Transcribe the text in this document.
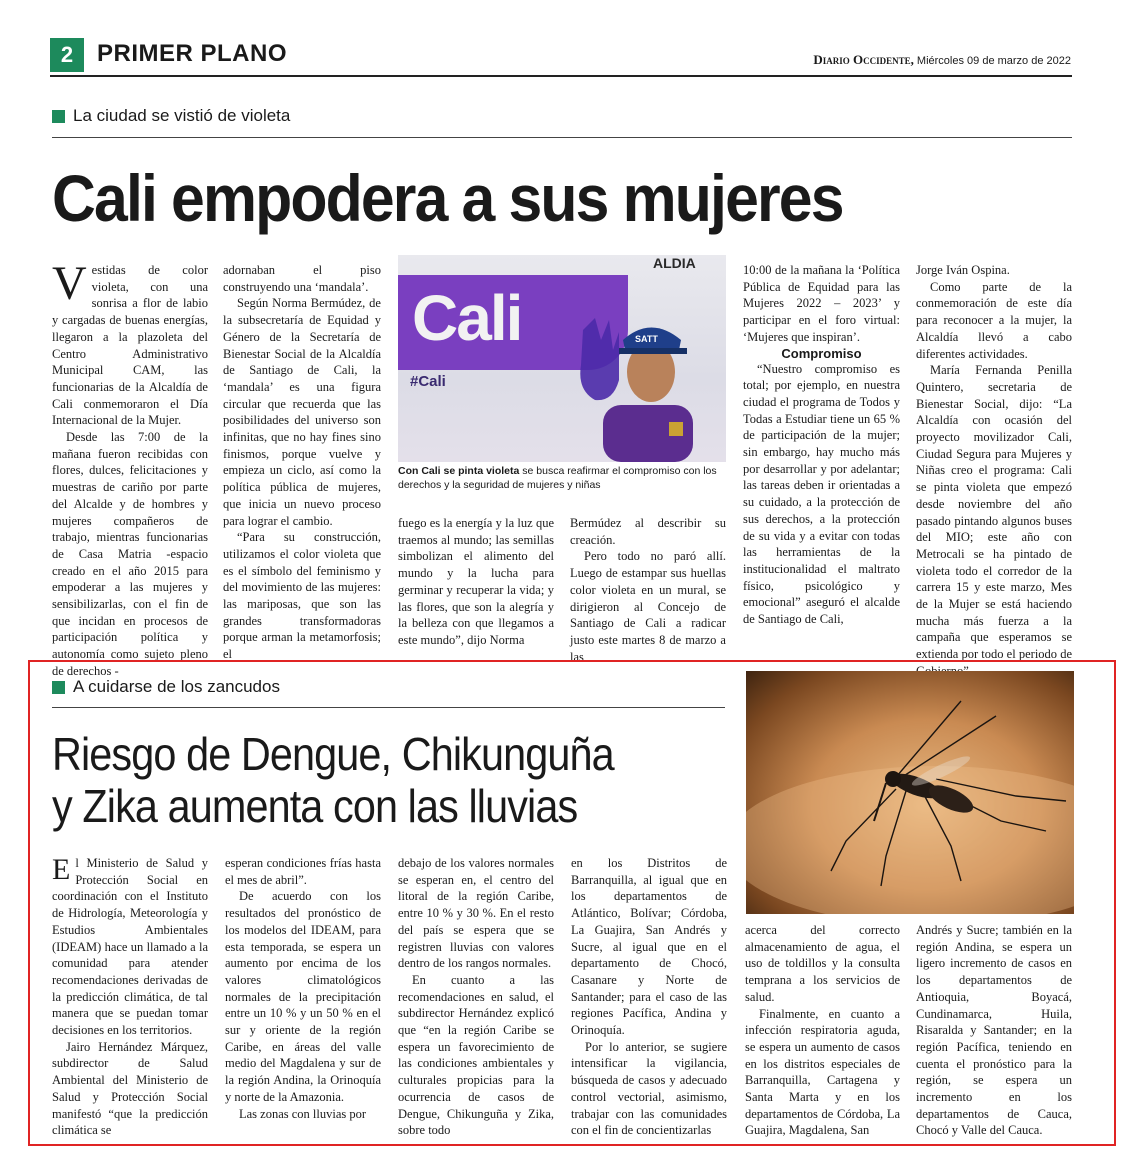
2 PRIMER PLANO	Diario Occidente, Miércoles 09 de marzo de 2022
La ciudad se vistió de violeta
Cali empodera a sus mujeres

Vestidas de color violeta, con una sonrisa a flor de labio y cargadas de buenas energías, llegaron a la plazoleta del Centro Administrativo Municipal CAM, las funcionarias de la Alcaldía de Cali conmemoraron el Día Internacional de la Mujer.

Desde las 7:00 de la mañana fueron recibidas con flores, dulces, felicitaciones y muestras de cariño por parte del Alcalde y de hombres y mujeres compañeros de trabajo, mientras funcionarias de Casa Matria -espacio creado en el año 2015 para empoderar a las mujeres y sensibilizarlas, con el fin de que incidan en procesos de participación política y autonomía como sujeto pleno de derechos -

adornaban el piso construyendo una ‘mandala’.

Según Norma Bermúdez, de la subsecretaría de Equidad y Género de la Secretaría de Bienestar Social de la Alcaldía de Santiago de Cali, la ‘mandala’ es una figura circular que recuerda que las posibilidades del universo son infinitas, que no hay fines sino finismos, porque vuelve y empieza un ciclo, así como la política pública de mujeres, que inicia un nuevo proceso para lograr el cambio.

“Para su construcción, utilizamos el color violeta que es el símbolo del feminismo y del movimiento de las mujeres: las mariposas, que son las grandes transformadoras porque arman la metamorfosis; el

Cali
#Cali
ALDIA
SATT
Con Cali se pinta violeta se busca reafirmar el compromiso con los derechos y la seguridad de mujeres y niñas

fuego es la energía y la luz que traemos al mundo; las semillas simbolizan el alimento del mundo y la lucha para germinar y recuperar la vida; y las flores, que son la alegría y la belleza con que llegamos a este mundo”, dijo Norma

Bermúdez al describir su creación.

Pero todo no paró allí. Luego de estampar sus huellas color violeta en un mural, se dirigieron al Concejo de Santiago de Cali a radicar justo este martes 8 de marzo a las

10:00 de la mañana la ‘Política Pública de Equidad para las Mujeres 2022 – 2023’ y participar en el foro virtual: ‘Mujeres que inspiran’.

Compromiso

“Nuestro compromiso es total; por ejemplo, en nuestra ciudad el programa de Todos y Todas a Estudiar tiene un 65 % de participación de la mujer; sin embargo, hay mucho más por desarrollar y por adelantar; las tareas deben ir orientadas a su cuidado, a la protección de sus derechos, a la protección de su vida y a evitar con todas las herramientas de la institucionalidad el maltrato físico, psicológico y emocional” aseguró el alcalde de Santiago de Cali,

Jorge Iván Ospina.

Como parte de la conmemoración de este día para reconocer a la mujer, la Alcaldía llevó a cabo diferentes actividades.

María Fernanda Penilla Quintero, secretaria de Bienestar Social, dijo: “La Alcaldía con ocasión del proyecto movilizador Cali, Ciudad Segura para Mujeres y Niñas creo el programa: Cali se pinta violeta que empezó desde noviembre del año pasado pintando algunos buses del MIO; este año con Metrocali se ha pintado de violeta todo el corredor de la carrera 15 y este marzo, Mes de la Mujer se está haciendo mucha más fuerza a la campaña que esperamos se extienda por todo el periodo de

A cuidarse de los zancudos
Riesgo de Dengue, Chikunguña
y Zika aumenta con las lluvias

El Ministerio de Salud y Protección Social en coordinación con el Instituto de Hidrología, Meteorología y Estudios Ambientales (IDEAM) hace un llamado a la comunidad para atender recomendaciones derivadas de la predicción climática, de tal manera que se puedan tomar decisiones en los territorios.

Jairo Hernández Márquez, subdirector de Salud Ambiental del Ministerio de Salud y Protección Social manifestó “que la predicción climática se

esperan condiciones frías hasta el mes de abril”.

De acuerdo con los resultados del pronóstico de los modelos del IDEAM, para esta temporada, se espera un aumento por encima de los valores climatológicos normales de la precipitación entre un 10 % y un 50 % en el sur y oriente de la región Caribe, en áreas del valle medio del Magdalena y sur de la región Andina, la Orinoquía y norte de la Amazonia.

Las zonas con lluvias por

debajo de los valores normales se esperan en, el centro del litoral de la región Caribe, entre 10 % y 30 %. En el resto del país se espera que se registren lluvias con valores dentro de los rangos normales.

En cuanto a las recomendaciones en salud, el subdirector Hernández explicó que “en la región Caribe se espera un favorecimiento de las condiciones ambientales y culturales propicias para la ocurrencia de casos de Dengue, Chikunguña y Zika, sobre todo

en los Distritos de Barranquilla, al igual que en los departamentos de Atlántico, Bolívar; Córdoba, La Guajira, San Andrés y Sucre, al igual que en el departamento de Chocó, Casanare y Norte de Santander; para el caso de las regiones Pacífica, Andina y Orinoquía.

Por lo anterior, se sugiere intensificar la vigilancia, búsqueda de casos y adecuado control vectorial, asimismo, trabajar con las comunidades con el fin de concientizarlas

acerca del correcto almacenamiento de agua, el uso de toldillos y la consulta temprana a los servicios de salud.

Finalmente, en cuanto a infección respiratoria aguda, se espera un aumento de casos en los distritos especiales de Barranquilla, Cartagena y Santa Marta y en los departamentos de Córdoba, La Guajira, Magdalena, San

Andrés y Sucre; también en la región Andina, se espera un ligero incremento de casos en los departamentos de Antioquia, Boyacá, Cundinamarca, Huila, Risaralda y Santander; en la región Pacífica, teniendo en cuenta el pronóstico para la región, se espera un incremento en los departamentos de Cauca, Chocó y Valle del Cauca.
